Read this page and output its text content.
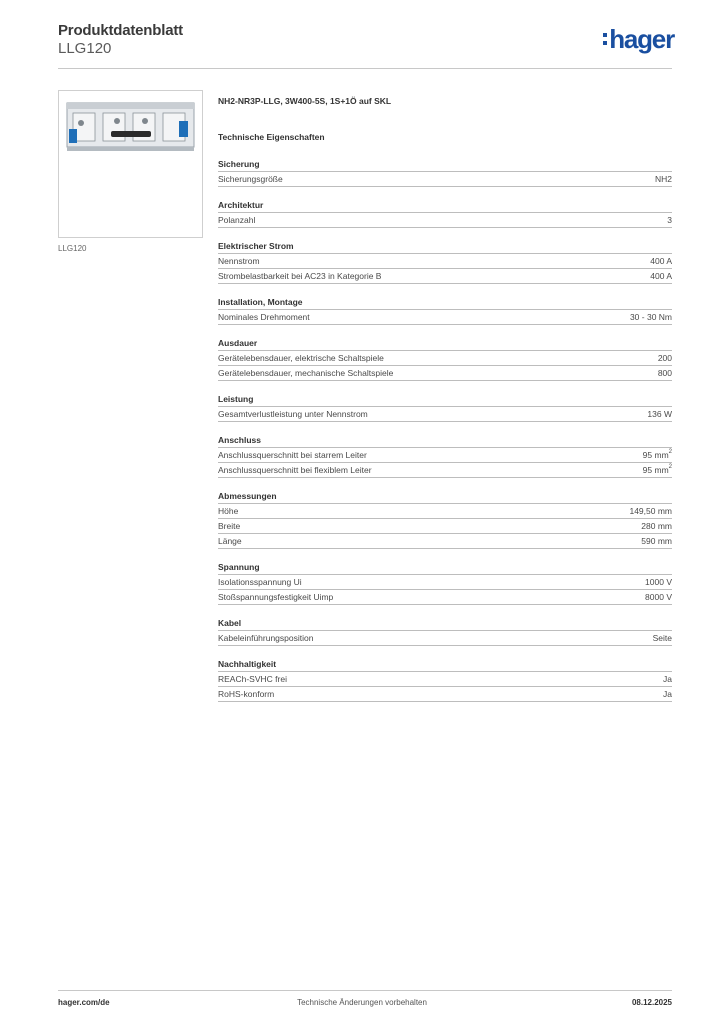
Produktdatenblatt
LLG120	hager
LLG120
NH2-NR3P-LLG, 3W400-5S, 1S+1Ö auf SKL
Technische Eigenschaften
Sicherung
Sicherungsgröße	NH2
Architektur
Polanzahl	3
Elektrischer Strom
Nennstrom	400 A
Strombelastbarkeit bei AC23 in Kategorie B	400 A
Installation, Montage
Nominales Drehmoment	30 - 30 Nm
Ausdauer
Gerätelebensdauer, elektrische Schaltspiele	200
Gerätelebensdauer, mechanische Schaltspiele	800
Leistung
Gesamtverlustleistung unter Nennstrom	136 W
Anschluss
Anschlussquerschnitt bei starrem Leiter	95 $mm^2$
Anschlussquerschnitt bei flexiblem Leiter	95 $mm^2$
Abmessungen
Höhe	149,50 mm
Breite	280 mm
Länge	590 mm
Spannung
Isolationsspannung Ui	1000 V
Stoßspannungsfestigkeit Uimp	8000 V
Kabel
Kabeleinführungsposition	Seite
Nachhaltigkeit
REACh-SVHC frei	Ja
RoHS-konform	Ja
hager.com/de	Technische Änderungen vorbehalten	08.12.2025
